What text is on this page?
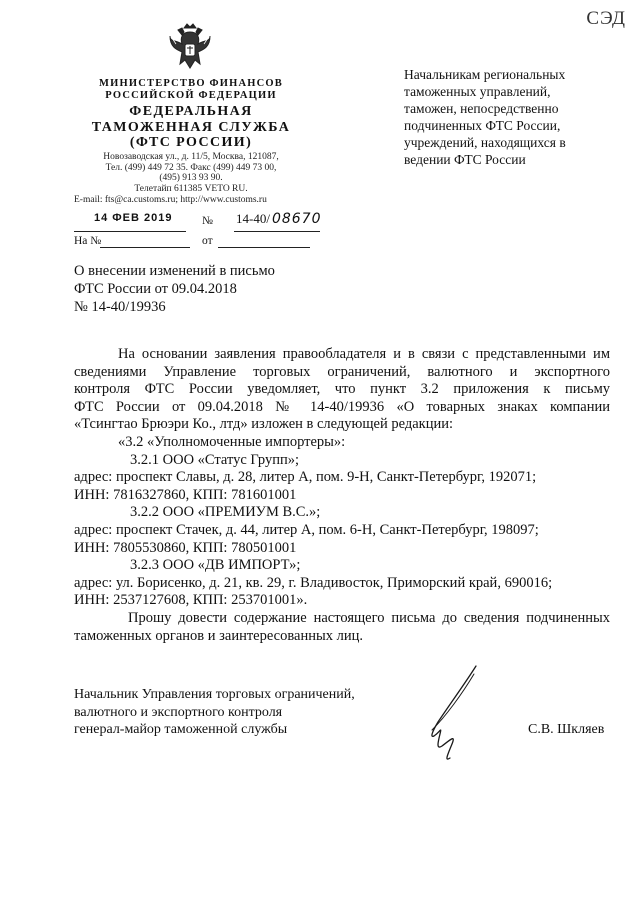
СЭД
МИНИСТЕРСТВО ФИНАНСОВ
РОССИЙСКОЙ ФЕДЕРАЦИИ
ФЕДЕРАЛЬНАЯ
ТАМОЖЕННАЯ СЛУЖБА
(ФТС РОССИИ)
Новозаводская ул., д. 11/5, Москва, 121087,
Тел. (499) 449 72 35. Факс (499) 449 73 00,
(495) 913 93 90.
Телетайп 611385 VETO RU.
E-mail: fts@ca.customs.ru; http://www.customs.ru
14 ФЕВ 2019	№ 14-40/ 08670
На №	от
Начальникам региональных
таможенных управлений,
таможен, непосредственно
подчиненных ФТС России,
учреждений, находящихся в
ведении ФТС России
О внесении изменений в письмо
ФТС России от 09.04.2018
№ 14-40/19936

На основании заявления правообладателя и в связи с представленными им

сведениями Управление торговых ограничений, валютного и экспортного

контроля ФТС России уведомляет, что пункт 3.2 приложения к письму

ФТС России от 09.04.2018 № 14-40/19936 «О товарных знаках компании

«Тсингтао Брюэри Ко., лтд» изложен в следующей редакции:

«3.2 «Уполномоченные импортеры»:

3.2.1 ООО «Статус Групп»;

адрес: проспект Славы, д. 28, литер А, пом. 9-Н, Санкт-Петербург, 192071;

ИНН: 7816327860, КПП: 781601001

3.2.2 ООО «ПРЕМИУМ В.С.»;

адрес: проспект Стачек, д. 44, литер А, пом. 6-Н, Санкт-Петербург, 198097;

ИНН: 7805530860, КПП: 780501001

3.2.3 ООО «ДВ ИМПОРТ»;

адрес: ул. Борисенко, д. 21, кв. 29, г. Владивосток, Приморский край, 690016;

ИНН: 2537127608, КПП: 253701001».

Прошу довести содержание настоящего письма до сведения подчиненных

таможенных органов и заинтересованных лиц.

Начальник Управления торговых ограничений,
валютного и экспортного контроля
генерал-майор таможенной службы	С.В. Шкляев
